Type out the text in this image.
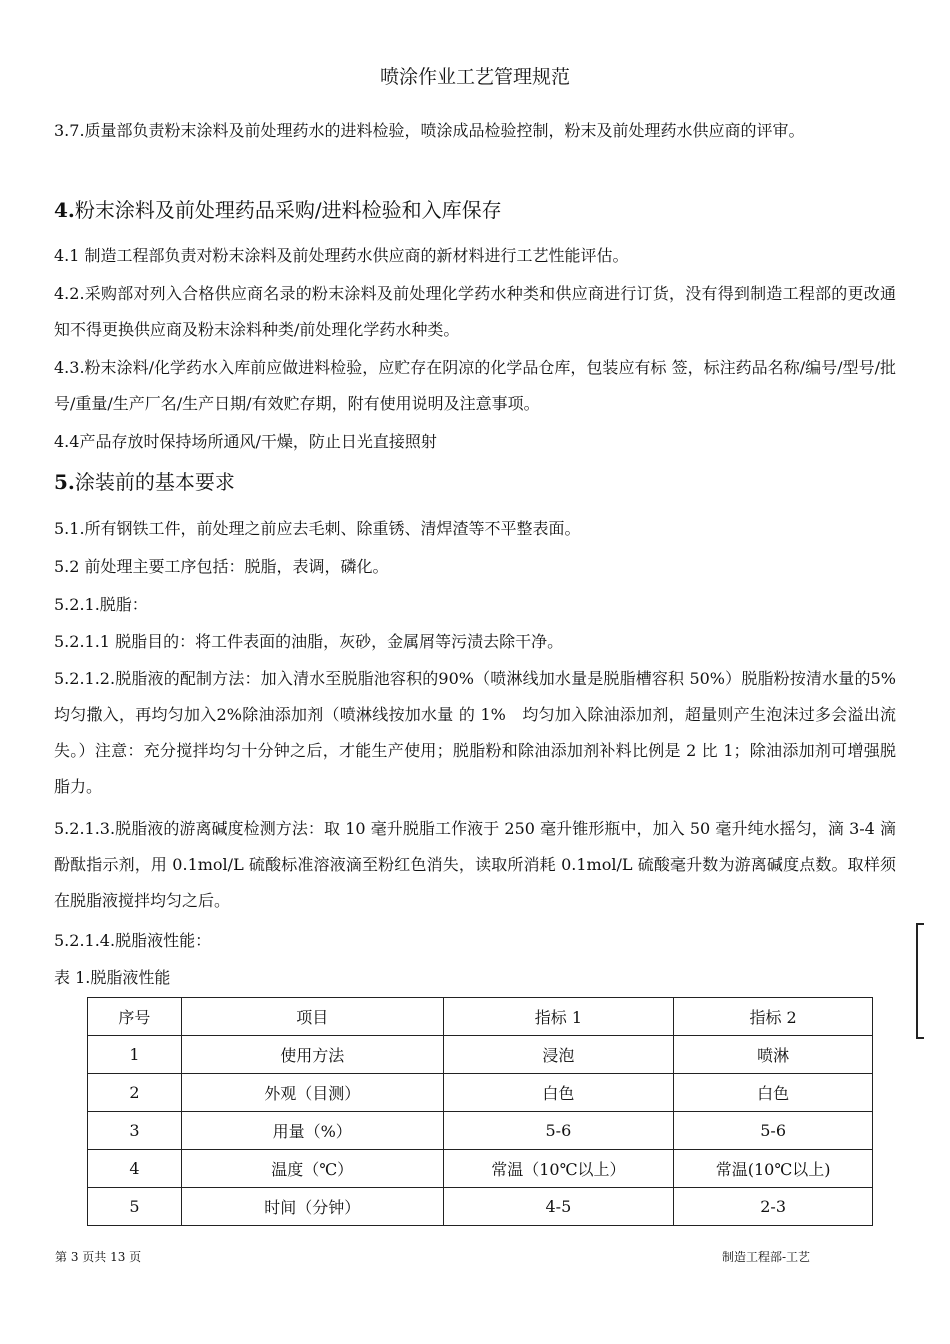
喷涂作业工艺管理规范
3.7.质量部负责粉末涂料及前处理药水的进料检验，喷涂成品检验控制，粉末及前处理药水供应商的评审。
4.粉末涂料及前处理药品采购/进料检验和入库保存
4.1 制造工程部负责对粉末涂料及前处理药水供应商的新材料进行工艺性能评估。
4.2.采购部对列入合格供应商名录的粉末涂料及前处理化学药水种类和供应商进行订货，没有得到制造工程部的更改通知不得更换供应商及粉末涂料种类/前处理化学药水种类。
4.3.粉末涂料/化学药水入库前应做进料检验，应贮存在阴凉的化学品仓库，包装应有标 签，标注药品名称/编号/型号/批号/重量/生产厂名/生产日期/有效贮存期，附有使用说明及注意事项。
4.4产品存放时保持场所通风/干燥，防止日光直接照射
5.涂装前的基本要求
5.1.所有钢铁工件，前处理之前应去毛刺、除重锈、清焊渣等不平整表面。
5.2 前处理主要工序包括：脱脂，表调，磷化。
5.2.1.脱脂：
5.2.1.1 脱脂目的：将工件表面的油脂，灰砂，金属屑等污渍去除干净。
5.2.1.2.脱脂液的配制方法：加入清水至脱脂池容积的90%（喷淋线加水量是脱脂槽容积 50%）脱脂粉按清水量的5%均匀撒入，再均匀加入2%除油添加剂（喷淋线按加水量 的 1%　均匀加入除油添加剂，超量则产生泡沫过多会溢出流失。）注意：充分搅拌均匀十分钟之后，才能生产使用；脱脂粉和除油添加剂补料比例是 2 比 1；除油添加剂可增强脱脂力。
5.2.1.3.脱脂液的游离碱度检测方法：取 10 毫升脱脂工作液于 250 毫升锥形瓶中，加入 50 毫升纯水摇匀，滴 3-4 滴酚酞指示剂，用 0.1mol/L 硫酸标准溶液滴至粉红色消失，读取所消耗 0.1mol/L 硫酸毫升数为游离碱度点数。取样须在脱脂液搅拌均匀之后。
5.2.1.4.脱脂液性能：
表 1.脱脂液性能
序号	项目	指标 1	指标 2
1	使用方法	浸泡	喷淋
2	外观（目测）	白色	白色
3	用量（%）	5-6	5-6
4	温度（℃）	常温（10℃以上）	常温(10℃以上)
5	时间（分钟）	4-5	2-3
第 3 页共 13 页	制造工程部-工艺
